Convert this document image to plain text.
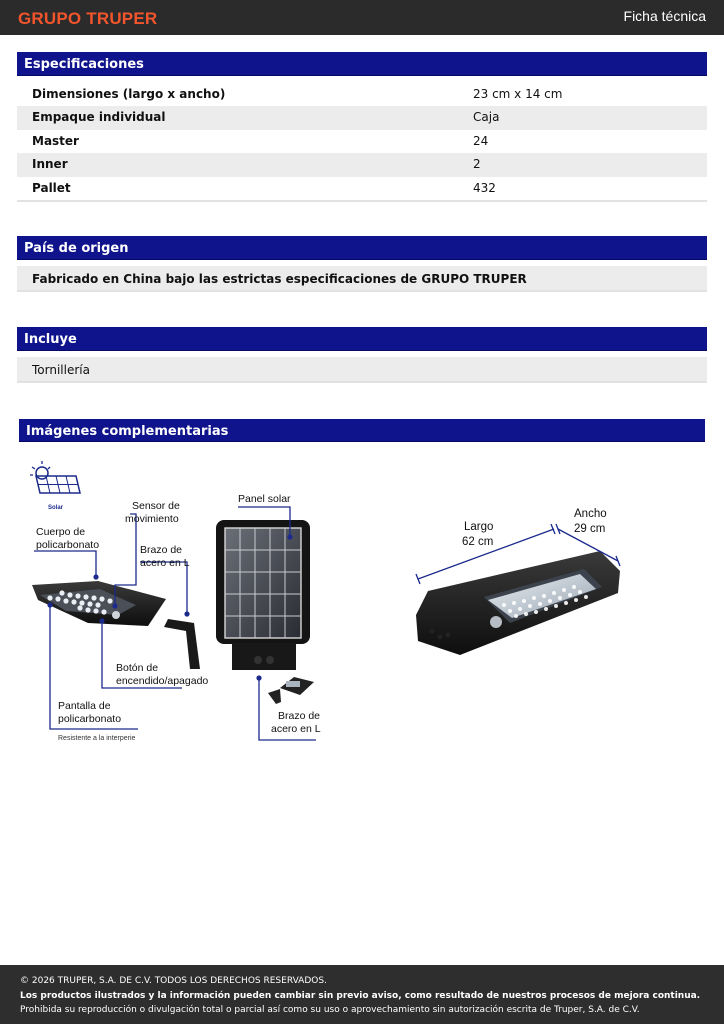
GRUPO TRUPER	Ficha técnica
Especificaciones
Dimensiones (largo x ancho)	23 cm x 14 cm
Empaque individual	Caja
Master	24
Inner	2
Pallet	432
País de origen
Fabricado en China bajo las estrictas especificaciones de GRUPO TRUPER
Incluye
Tornillería
Imágenes complementarias
Solar	Sensor de
movimiento
Panel solar
Cuerpo de
policarbonato	Brazo de
acero en L
Botón de
encendido/apagado
Pantalla de
policarbonato
Resistente a la interperie
Brazo de
acero en L
Largo
62 cm
Ancho
29 cm
© 2026 TRUPER, S.A. DE C.V. TODOS LOS DERECHOS RESERVADOS.
Los productos ilustrados y la información pueden cambiar sin previo aviso, como resultado de nuestros procesos de mejora continua.
Prohibida su reproducción o divulgación total o parcial así como su uso o aprovechamiento sin autorización escrita de Truper, S.A. de C.V.
